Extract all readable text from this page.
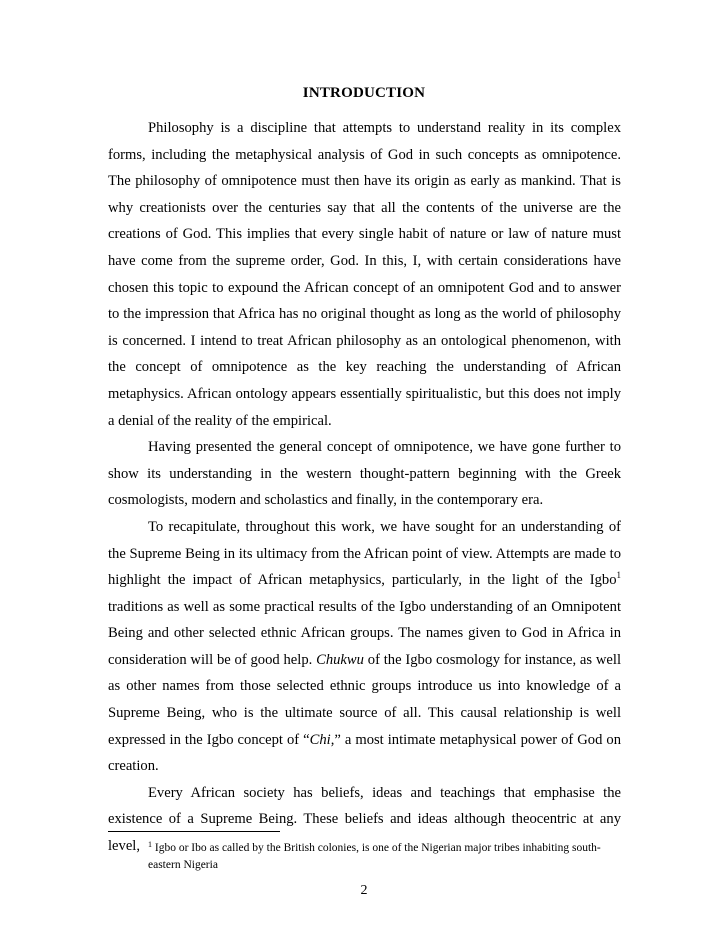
INTRODUCTION

Philosophy is a discipline that attempts to understand reality in its complex forms, including the metaphysical analysis of God in such concepts as omnipotence. The philosophy of omnipotence must then have its origin as early as mankind. That is why creationists over the centuries say that all the contents of the universe are the creations of God. This implies that every single habit of nature or law of nature must have come from the supreme order, God. In this, I, with certain considerations have chosen this topic to expound the African concept of an omnipotent God and to answer to the impression that Africa has no original thought as long as the world of philosophy is concerned. I intend to treat African philosophy as an ontological phenomenon, with the concept of omnipotence as the key reaching the understanding of African metaphysics. African ontology appears essentially spiritualistic, but this does not imply a denial of the reality of the empirical.

Having presented the general concept of omnipotence, we have gone further to show its understanding in the western thought-pattern beginning with the Greek cosmologists, modern and scholastics and finally, in the contemporary era.

To recapitulate, throughout this work, we have sought for an understanding of the Supreme Being in its ultimacy from the African point of view. Attempts are made to highlight the impact of African metaphysics, particularly, in the light of the Igbo$^1$ traditions as well as some practical results of the Igbo understanding of an Omnipotent Being and other selected ethnic African groups. The names given to God in Africa in consideration will be of good help. Chukwu of the Igbo cosmology for instance, as well as other names from those selected ethnic groups introduce us into knowledge of a Supreme Being, who is the ultimate source of all. This causal relationship is well expressed in the Igbo concept of “Chi,” a most intimate metaphysical power of God on creation.

Every African society has beliefs, ideas and teachings that emphasise the existence of a Supreme Being. These beliefs and ideas although theocentric at any level, $^1$ Igbo or Ibo as called by the British colonies, is one of the Nigerian major tribes inhabiting south-eastern Nigeria
2
